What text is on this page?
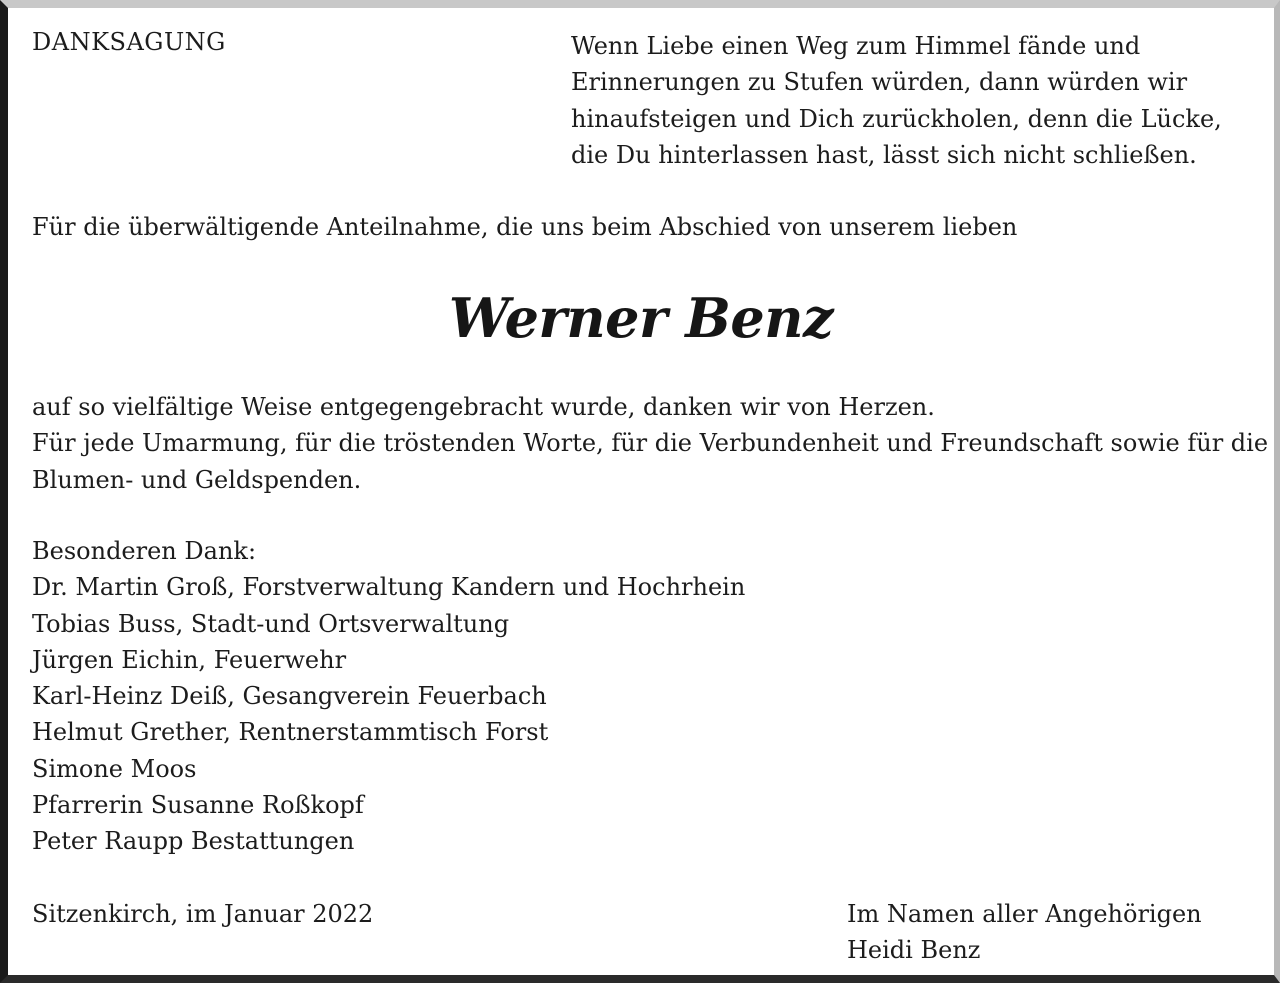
DANKSAGUNG	Wenn Liebe einen Weg zum Himmel fände und
Erinnerungen zu Stufen würden, dann würden wir
hinaufsteigen und Dich zurückholen, denn die Lücke,
die Du hinterlassen hast, lässt sich nicht schließen.
Für die überwältigende Anteilnahme, die uns beim Abschied von unserem lieben
Werner Benz
auf so vielfältige Weise entgegengebracht wurde, danken wir von Herzen.
Für jede Umarmung, für die tröstenden Worte, für die Verbundenheit und Freundschaft sowie für die
Blumen- und Geldspenden.
Besonderen Dank:
Dr. Martin Groß, Forstverwaltung Kandern und Hochrhein
Tobias Buss, Stadt-und Ortsverwaltung
Jürgen Eichin, Feuerwehr
Karl-Heinz Deiß, Gesangverein Feuerbach
Helmut Grether, Rentnerstammtisch Forst
Simone Moos
Pfarrerin Susanne Roßkopf
Peter Raupp Bestattungen
Sitzenkirch, im Januar 2022	Im Namen aller Angehörigen
Heidi Benz
